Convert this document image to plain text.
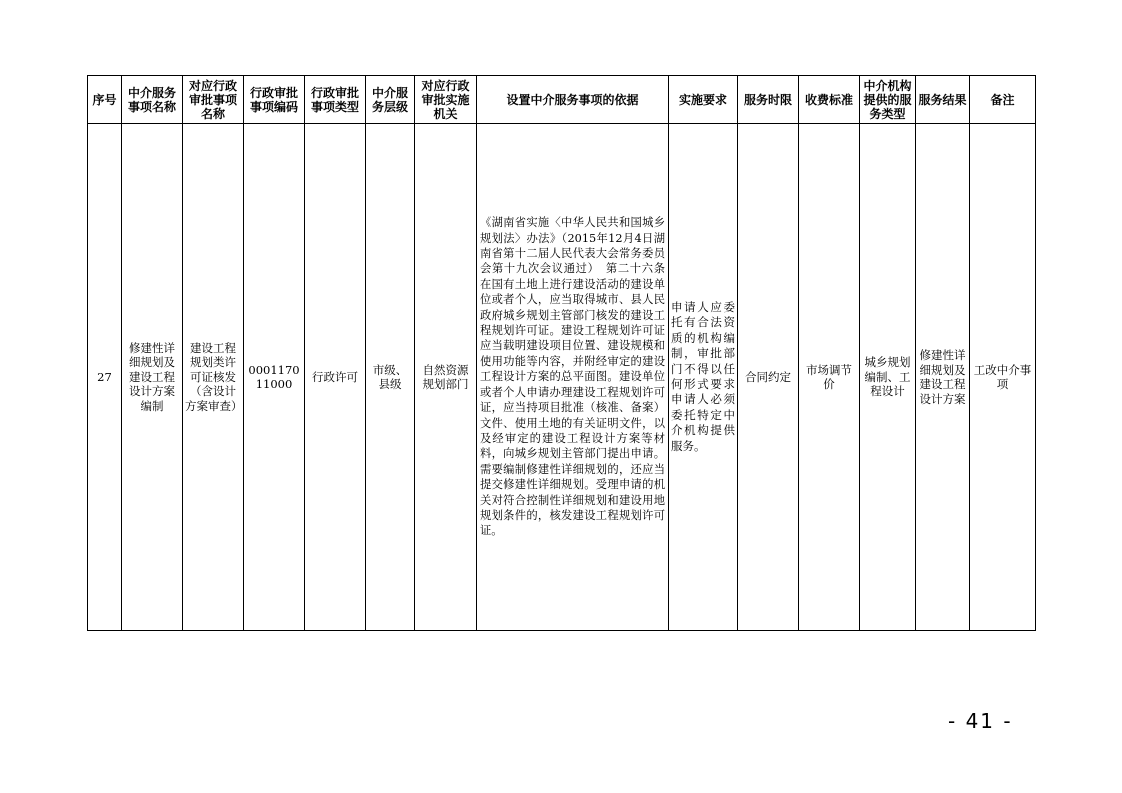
序号	中介服务事项名称	对应行政审批事项名称	行政审批事项编码	行政审批事项类型	中介服务层级	对应行政审批实施机关	设置中介服务事项的依据	实施要求	服务时限	收费标准	中介机构提供的服务类型	服务结果	备注
27	修建性详细规划及建设工程设计方案编制	建设工程规划类许可证核发（含设计方案审查）	000117011000	行政许可	市级、县级	自然资源规划部门	《湖南省实施〈中华人民共和国城乡规划法〉办法》（2015年12月4日湖南省第十二届人民代表大会常务委员会第十九次会议通过）　第二十六条　在国有土地上进行建设活动的建设单位或者个人，应当取得城市、县人民政府城乡规划主管部门核发的建设工程规划许可证。建设工程规划许可证应当载明建设项目位置、建设规模和使用功能等内容，并附经审定的建设工程设计方案的总平面图。建设单位或者个人申请办理建设工程规划许可证，应当持项目批准（核准、备案）文件、使用土地的有关证明文件，以及经审定的建设工程设计方案等材料，向城乡规划主管部门提出申请。需要编制修建性详细规划的，还应当提交修建性详细规划。受理申请的机关对符合控制性详细规划和建设用地规划条件的，核发建设工程规划许可证。	申请人应委托有合法资质的机构编制，审批部门不得以任何形式要求申请人必须委托特定中介机构提供服务。	合同约定	市场调节价	城乡规划编制、工程设计	修建性详细规划及建设工程设计方案	工改中介事项
- 41 -
